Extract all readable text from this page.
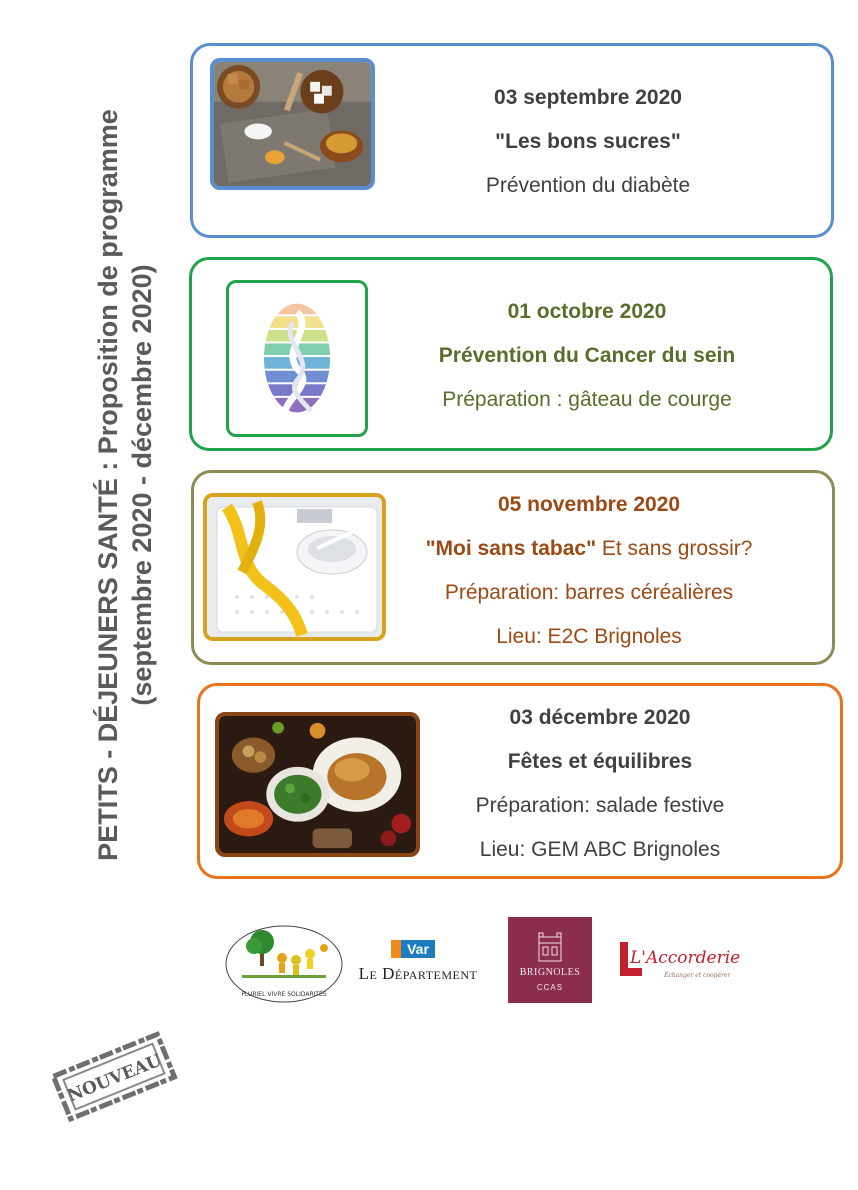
PETITS - DÉJEUNERS SANTÉ : Proposition de programme (septembre 2020 - décembre 2020)
03 septembre 2020
"Les bons sucres"
Prévention du diabète
01 octobre 2020
Prévention du Cancer du sein
Préparation : gâteau de courge
05 novembre 2020
"Moi sans tabac" Et sans grossir?
Préparation: barres céréalières
Lieu: E2C Brignoles
03 décembre 2020
Fêtes et équilibres
Préparation: salade festive
Lieu: GEM ABC Brignoles
PLURIEL VIVRE SOLIDARITÉS
Var
Le Département	BRIGNOLES
CCAS
L'Accorderie
Échanger et coopérer
NOUVEAU
